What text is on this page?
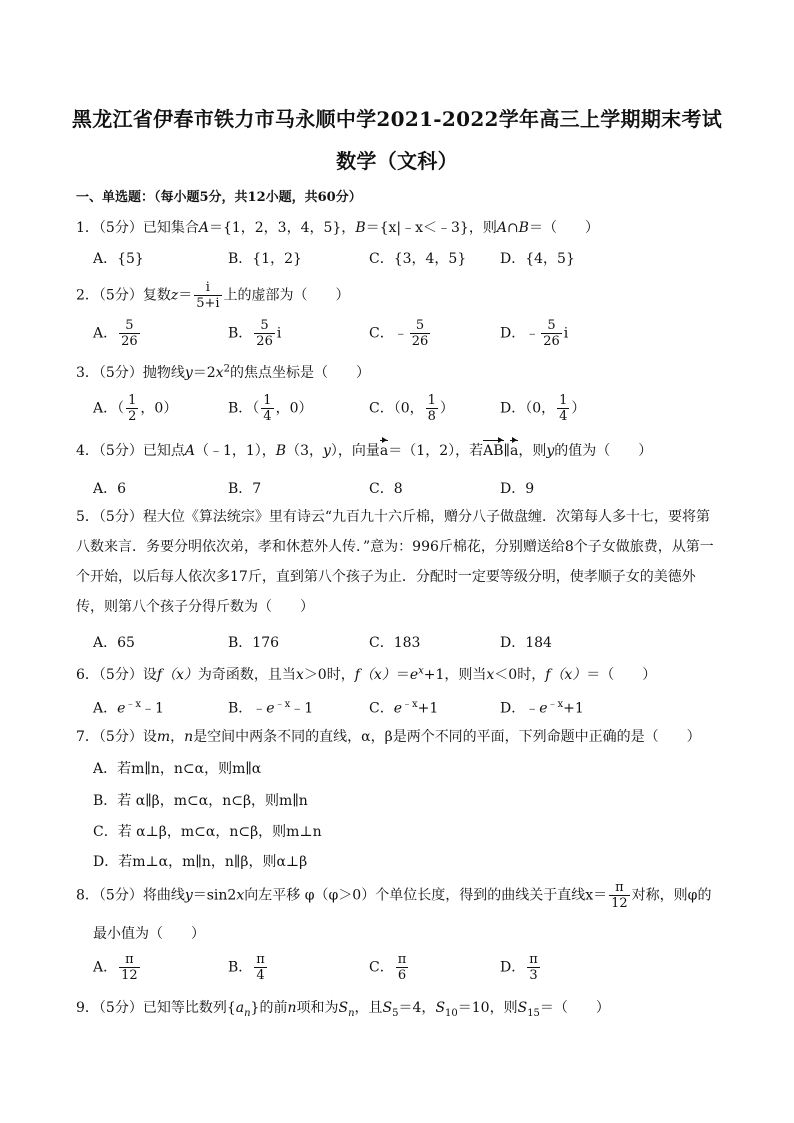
黑龙江省伊春市铁力市马永顺中学2021-2022学年高三上学期期末考试
数学（文科）
一、单选题：（每小题5分，共12小题，共60分）
1．（5分）已知集合A＝{1，2，3，4，5}，B＝{x|﹣x＜﹣3}，则A∩B＝（　　）
A．{5}	B．{1，2}	C．{3，4，5} D．{4，5}
2．（5分）复数$z= \frac{i}{5+i}$ 上的虚部为（　　）
A． $\frac{5}{26}$	B． $\frac{5}{26}$ i	C．﹣ $\frac{5}{26}$	D．﹣ $\frac{5}{26}$ i
3．（5分）抛物线$y=2x^2$的焦点坐标是（　　）
A．（ $\frac{1}{2}$ ，0）	B．（ $\frac{1}{4}$ ，0）	C．（0， $\frac{1}{8}$ ）	D．（0， $\frac{1}{4}$ ）
4．（5分）已知点A（﹣1，1），B（3，y），向量a＝（1，2），若AB∥a，则y的值为（　　）
A．6	B．7	C．8	D．9
5．（5分）程大位《算法统宗》里有诗云“九百九十六斤棉，赠分八子做盘缠．次第每人多十七，要将第八数来言．务要分明依次弟，孝和休惹外人传．”意为：996斤棉花，分别赠送给8个子女做旅费，从第一个开始，以后每人依次多17斤，直到第八个孩子为止．分配时一定要等级分明，使孝顺子女的美德外传，则第八个孩子分得斤数为（　　）
A．65	B．176	C．183	D．184
6．（5分）设f（x）为奇函数，且当x＞0时，$f(x)=e^x+1$，则当x＜0时，f（x）＝（　　）
A．$e^{﹣x}﹣1$	B．$﹣e^{﹣x}﹣1$	C．$e^{﹣x}+1$	D．$﹣e^{﹣x}+1$
7．（5分）设m，n是空间中两条不同的直线，α，β是两个不同的平面，下列命题中正确的是（　　）
A．若m∥n，n⊂α，则m∥α
B．若 α∥β，m⊂α，n⊂β，则m∥n
C．若 α⊥β，m⊂α，n⊂β，则m⊥n
D．若m⊥α，m∥n，n∥β，则α⊥β
8．（5分）将曲线y＝sin2x向左平移 φ（φ＞0）个单位长度，得到的曲线关于直线$x= \frac{\pi}{12}$ 对称，则φ的
最小值为（　　）
A． $\frac{\pi}{12}$	B． $\frac{\pi}{4}$	C． $\frac{\pi}{6}$	D． $\frac{\pi}{3}$
9．（5分）已知等比数列$\{a_n\}$的前n项和为$S_n$，且$S_5=4$，$S_{10}=10$，则$S_{15}=$（　　）
